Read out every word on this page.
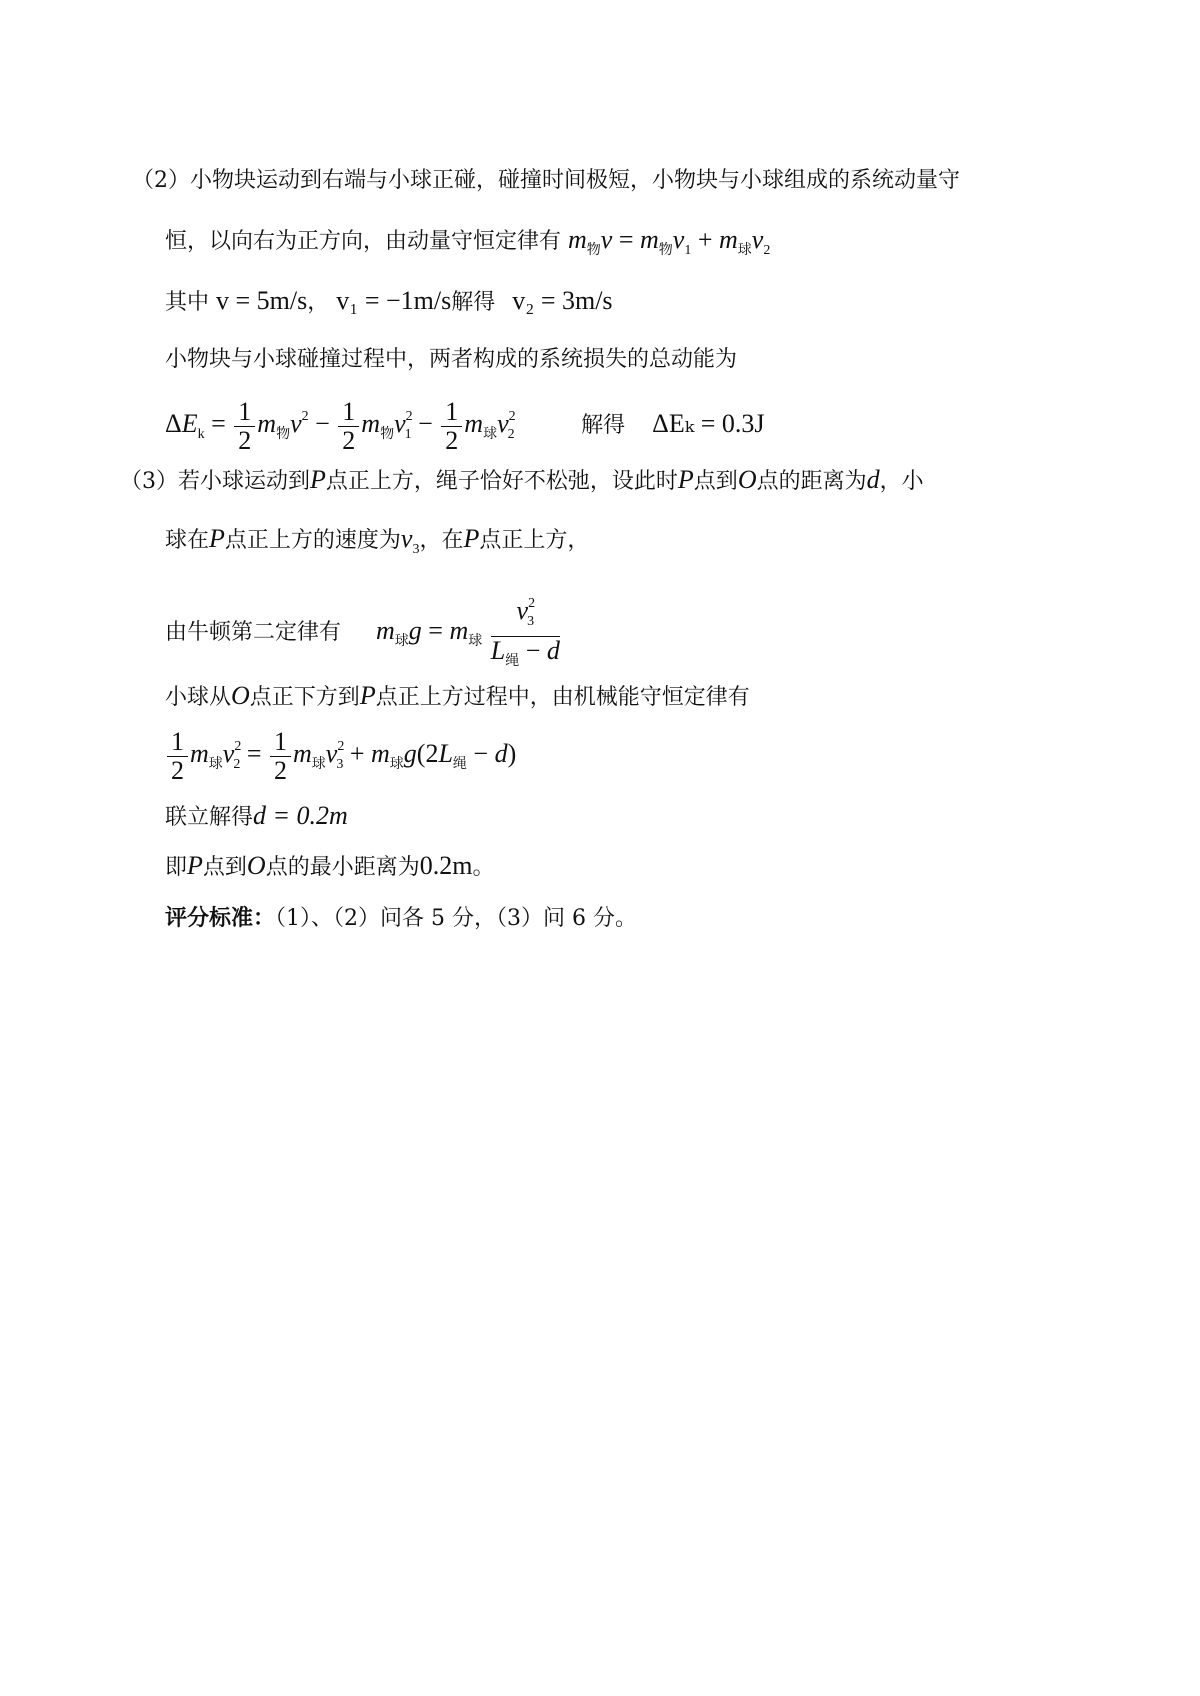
（2）小物块运动到右端与小球正碰，碰撞时间极短，小物块与小球组成的系统动量守
恒，以向右为正方向，由动量守恒定律有 $m_物v = m_物v_1 + m_球v_2$
其中 v = 5m/s， v₁ = −1m/s解得 v₂ = 3m/s
小物块与小球碰撞过程中，两者构成的系统损失的总动能为
$\Delta E_k = \frac{1}{2} m_物v^2 - \frac{1}{2} m_物v^2_1 - \frac{1}{2} m_球v^2_2$	解得 ΔEₖ = 0.3J
（3）若小球运动到P点正上方，绳子恰好不松弛，设此时P点到O点的距离为d，小
球在P点正上方的速度为$v_3$，在P点正上方，
由牛顿第二定律有 $m_球g = m_球 \frac{v^2_3}{L_绳 - d}$
小球从O点正下方到P点正上方过程中，由机械能守恒定律有
$\frac{1}{2} m_球v^2_2 = \frac{1}{2} m_球v^2_3 + m_球g(2L_绳 - d)$
联立解得d = 0.2m
即P点到O点的最小距离为0.2m。
评分标准：（1）、（2）问各 5 分，（3）问 6 分。
